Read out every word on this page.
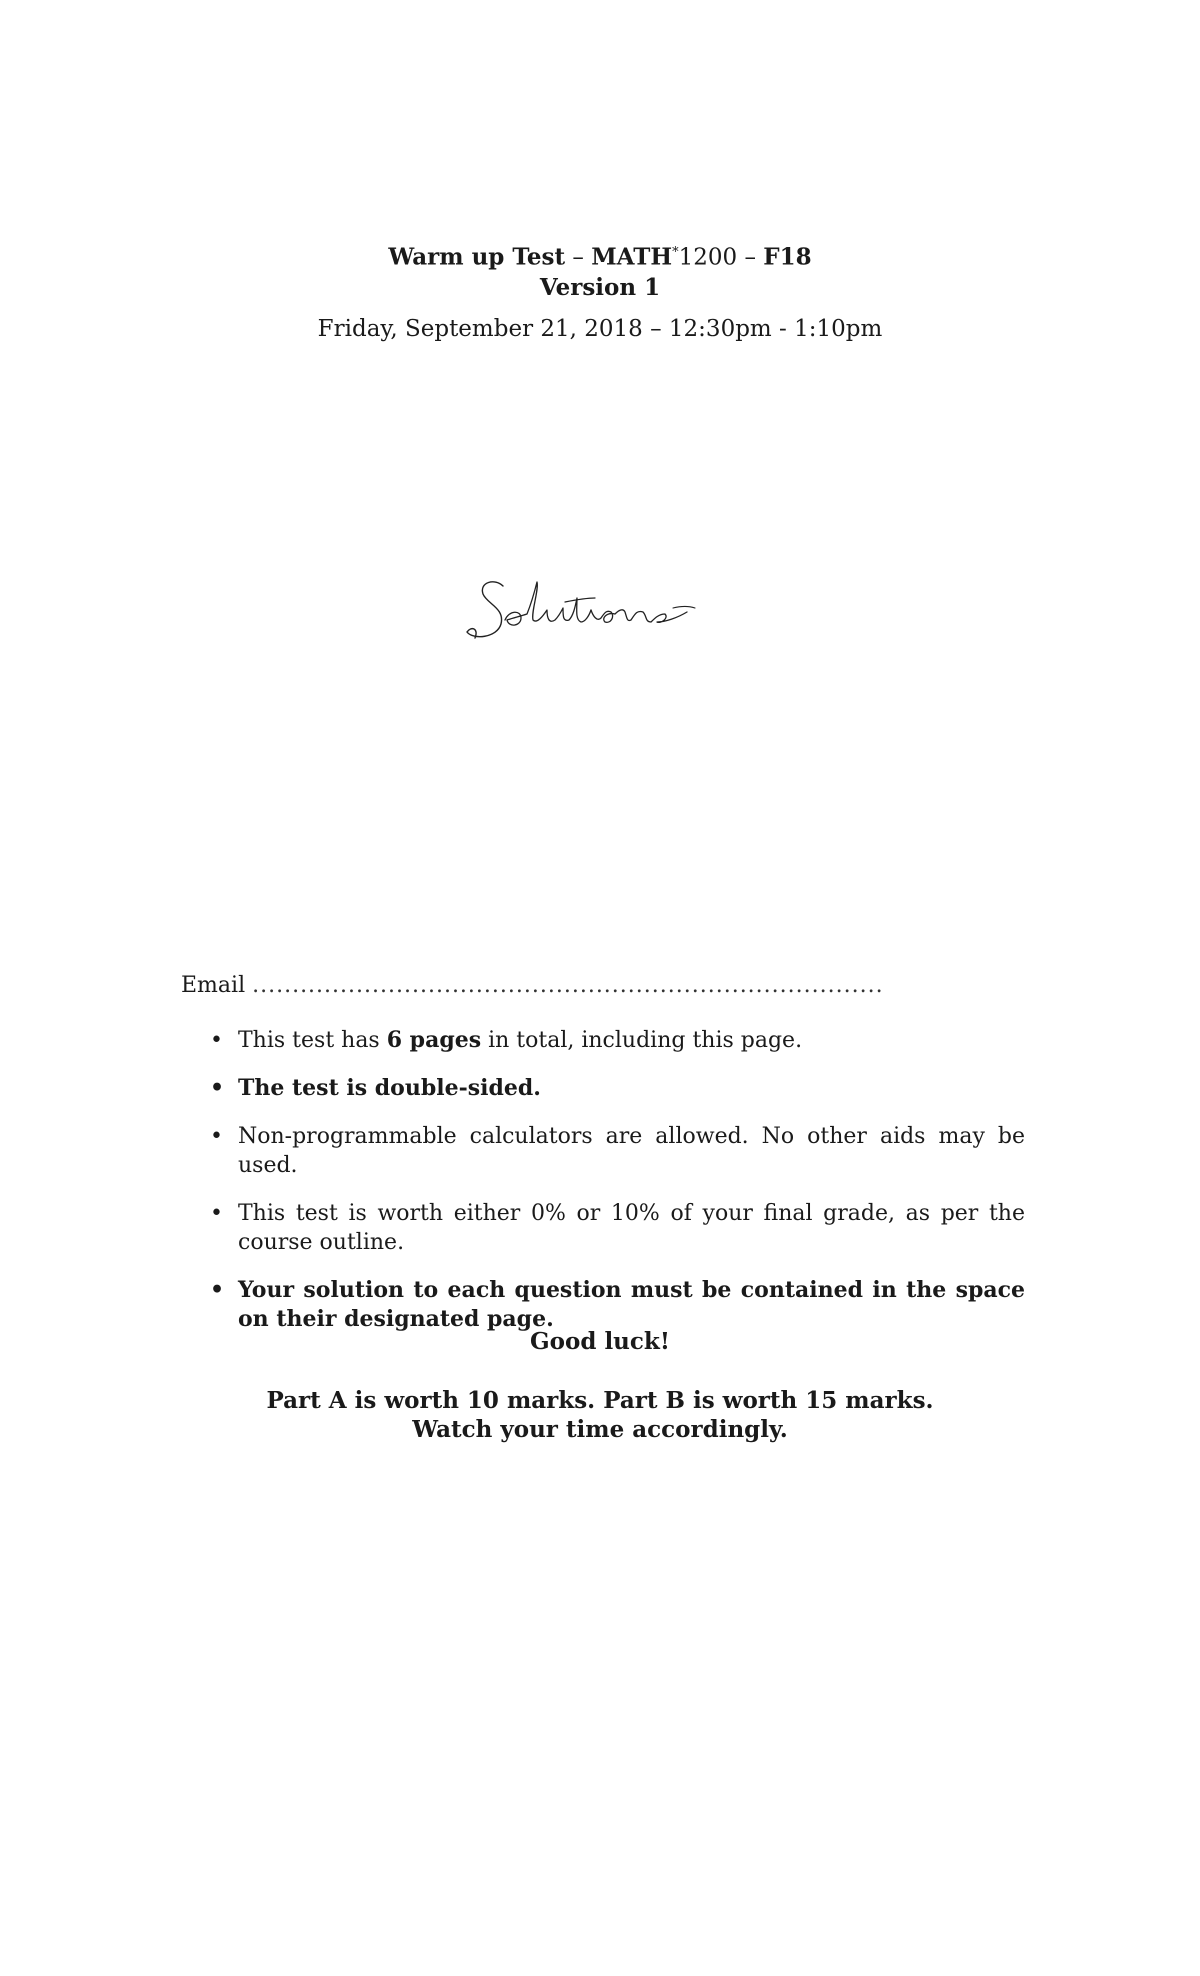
Warm up Test – MATH*1200 – F18
Version 1
Friday, September 21, 2018 – 12:30pm - 1:10pm
Email ...............................................................................
• This test has 6 pages in total, including this page.
• The test is double-sided.
• Non-programmable calculators are allowed. No other aids may be used.
• This test is worth either 0% or 10% of your final grade, as per the course outline.
• Your solution to each question must be contained in the space on their designated page.
Good luck!
Part A is worth 10 marks. Part B is worth 15 marks.
Watch your time accordingly.
